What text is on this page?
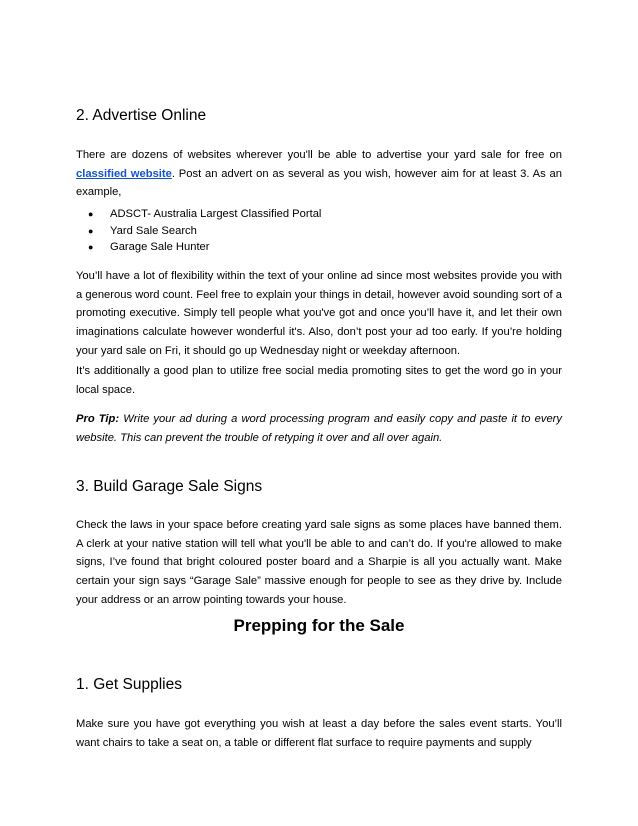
2. Advertise Online

There are dozens of websites wherever you'll be able to advertise your yard sale for free on classified website. Post an advert on as several as you wish, however aim for at least 3. As an example,

● ADSCT- Australia Largest Classified Portal
● Yard Sale Search
● Garage Sale Hunter

You’ll have a lot of flexibility within the text of your online ad since most websites provide you with a generous word count. Feel free to explain your things in detail, however avoid sounding sort of a promoting executive. Simply tell people what you've got and once you’ll have it, and let their own imaginations calculate however wonderful it's. Also, don’t post your ad too early. If you’re holding your yard sale on Fri, it should go up Wednesday night or weekday afternoon.

It’s additionally a good plan to utilize free social media promoting sites to get the word go in your local space.

Pro Tip: Write your ad during a word processing program and easily copy and paste it to every website. This can prevent the trouble of retyping it over and all over again.

3. Build Garage Sale Signs

Check the laws in your space before creating yard sale signs as some places have banned them. A clerk at your native station will tell what you'll be able to and can’t do. If you're allowed to make signs, I’ve found that bright coloured poster board and a Sharpie is all you actually want. Make certain your sign says “Garage Sale” massive enough for people to see as they drive by. Include your address or an arrow pointing towards your house.

Prepping for the Sale
1. Get Supplies

Make sure you have got everything you wish at least a day before the sales event starts. You’ll want chairs to take a seat on, a table or different flat surface to require payments and supply
